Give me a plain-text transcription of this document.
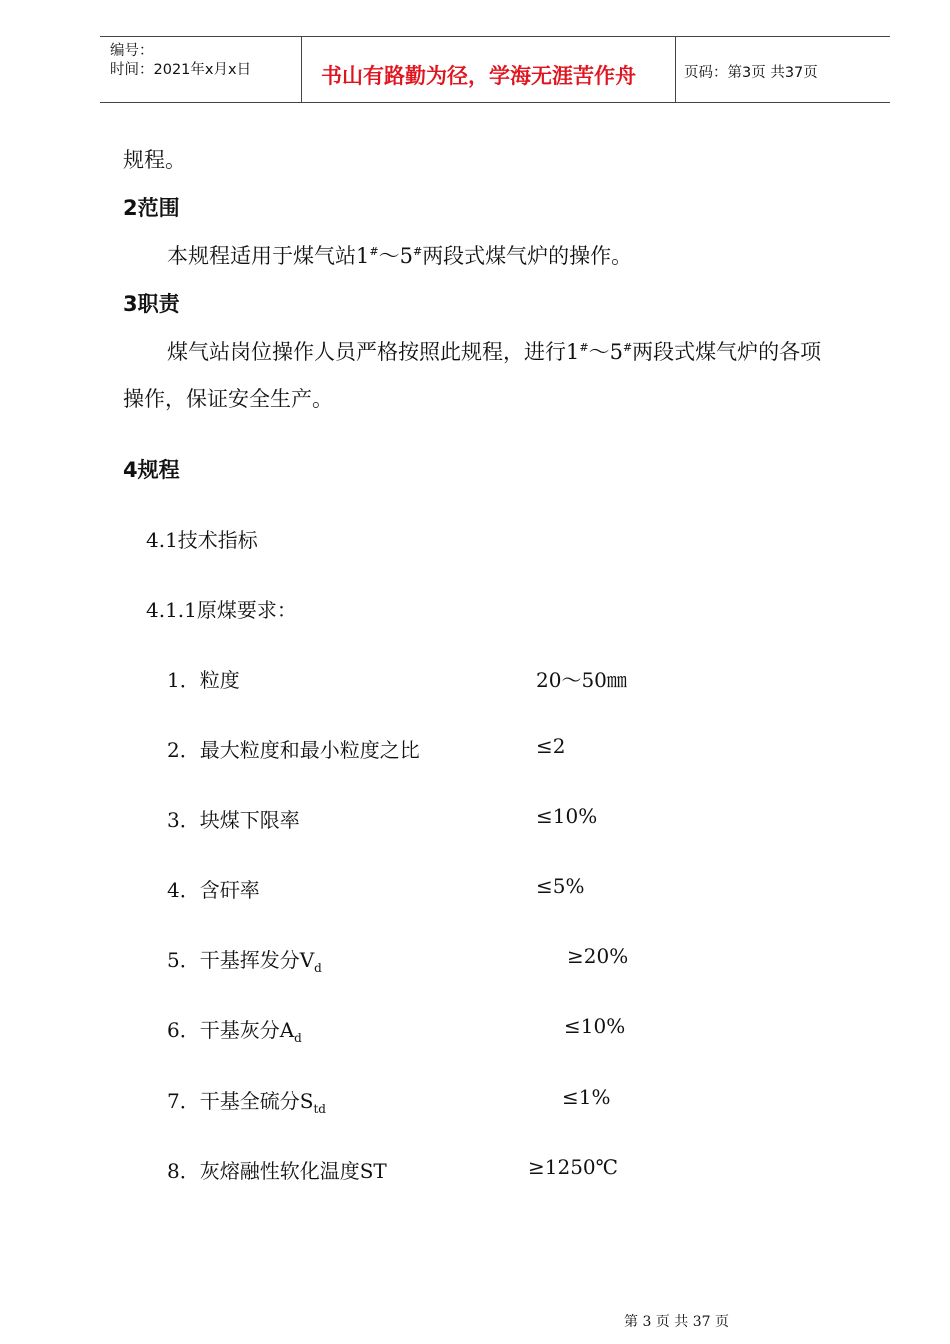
编号：
时间：2021年x月x日	书山有路勤为径，学海无涯苦作舟	页码：第3页 共37页
规程。
2范围
本规程适用于煤气站1#～5#两段式煤气炉的操作。
3职责
煤气站岗位操作人员严格按照此规程，进行1#～5#两段式煤气炉的各项
操作，保证安全生产。
4规程
4.1技术指标
4.1.1原煤要求：
1．粒度	20～50㎜
2．最大粒度和最小粒度之比	≤2
3．块煤下限率	≤10%
4．含矸率	≤5%
5．干基挥发分$V_d$	≥20%
6．干基灰分$A_d$	≤10%
7．干基全硫分$S_{td}$	≤1%
8．灰熔融性软化温度ST	≥1250℃
第 3 页 共 37 页
